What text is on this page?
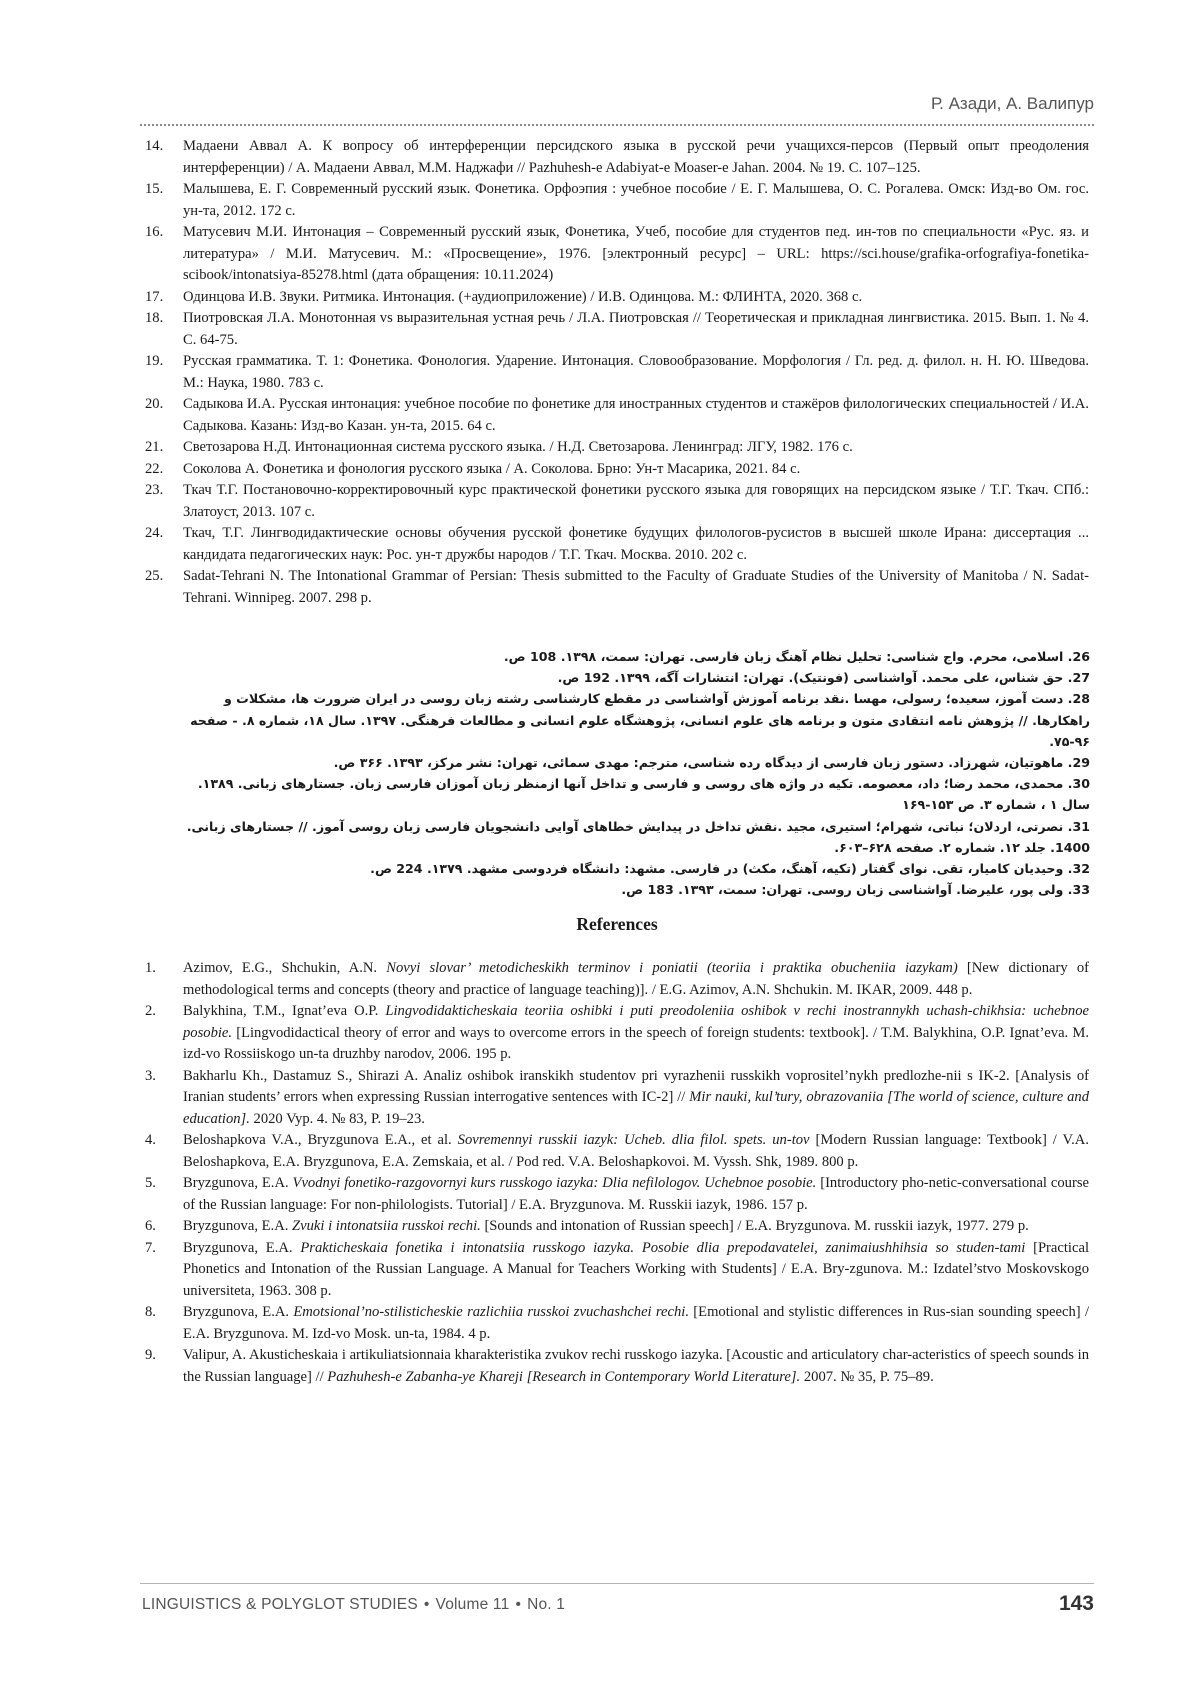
Р. Азади, А. Валипур
14.	Мадаени Аввал А. К вопросу об интерференции персидского языка в русской речи учащихся-персов (Первый опыт преодоления интерференции) / А. Мадаени Аввал, М.М. Наджафи // Pazhuhesh-e Adabiyat-e Moaser-e Jahan. 2004. № 19. С. 107–125.
15.	Малышева, Е. Г. Современный русский язык. Фонетика. Орфоэпия : учебное пособие / Е. Г. Малышева, О. С. Рогалева. Омск: Изд-во Ом. гос. ун-та, 2012. 172 с.
16.	Матусевич М.И. Интонация – Современный русский язык, Фонетика, Учеб, пособие для студентов пед. ин-тов по специальности «Рус. яз. и литература» / М.И. Матусевич. М.: «Просвещение», 1976. [электронный ресурс] – URL: https://sci.house/grafika-orfografiya-fonetika-scibook/intonatsiya-85278.html (дата обращения: 10.11.2024)
17.	Одинцова И.В. Звуки. Ритмика. Интонация. (+аудиоприложение) / И.В. Одинцова. М.: ФЛИНТА, 2020. 368 с.
18.	Пиотровская Л.А. Монотонная vs выразительная устная речь / Л.А. Пиотровская // Теоретическая и прикладная лингвистика. 2015. Вып. 1. № 4. С. 64-75.
19.	Русская грамматика. Т. 1: Фонетика. Фонология. Ударение. Интонация. Словообразование. Морфология / Гл. ред. д. филол. н. Н. Ю. Шведова. М.: Наука, 1980. 783 с.
20.	Садыкова И.А. Русская интонация: учебное пособие по фонетике для иностранных студентов и стажёров филологических специальностей / И.А. Садыкова. Казань: Изд-во Казан. ун-та, 2015. 64 с.
21.	Светозарова Н.Д. Интонационная система русского языка. / Н.Д. Светозарова. Ленинград: ЛГУ, 1982. 176 с.
22.	Соколова А. Фонетика и фонология русского языка / А. Соколова. Брно: Ун-т Масарика, 2021. 84 с.
23.	Ткач Т.Г. Постановочно-корректировочный курс практической фонетики русского языка для говорящих на персидском языке / Т.Г. Ткач. СПб.: Златоуст, 2013. 107 с.
24.	Ткач, Т.Г. Лингводидактические основы обучения русской фонетике будущих филологов-русистов в высшей школе Ирана: диссертация ... кандидата педагогических наук: Рос. ун-т дружбы народов / Т.Г. Ткач. Москва. 2010. 202 с.
25.	Sadat-Tehrani N. The Intonational Grammar of Persian: Thesis submitted to the Faculty of Graduate Studies of the University of Manitoba / N. Sadat-Tehrani. Winnipeg. 2007. 298 p.
26. اسلامی، محرم. واج شناسی: تحلیل نظام آهنگ زبان فارسی. تهران: سمت، ۱۳۹۸. 108 ص.
27. حق شناس، علی محمد. آواشناسی (فونتیک). تهران: انتشارات آگه، ۱۳۹۹. 192 ص.
28. دست آموز، سعیده؛ رسولی، مهسا .نقد برنامه آموزش آواشناسی در مقطع کارشناسی رشته زبان روسی در ایران ضرورت ها، مشکلات و راهکارها. // پژوهش نامه انتقادی متون و برنامه های علوم انسانی، پژوهشگاه علوم انسانی و مطالعات فرهنگی. ۱۳۹۷. سال ۱۸، شماره ۸. - صفحه ۹۶-۷۵.
29. ماهوتیان، شهرزاد. دستور زبان فارسی از دیدگاه رده شناسی، مترجم: مهدی سمائی، تهران: نشر مرکز، ۱۳۹۳. ۳۶۶ ص.
30. محمدی، محمد رضا؛ داد، معصومه. تکیه در واژه های روسی و فارسی و تداخل آنها ازمنظر زبان آموزان فارسی زبان. جستارهای زبانی. ۱۳۸۹. سال ۱ ، شماره ۳. ص ۱۵۳-۱۶۹
31. نصرتی، اردلان؛ نباتی، شهرام؛ استیری، مجید .نقش تداخل در پیدایش خطاهای آوایی دانشجویان فارسی زبان روسی آموز. // جستارهای زبانی. 1400. جلد ۱۲. شماره ۲. صفحه ۶۲۸–۶۰۳.
32. وحیدیان کامیار، تقی. نوای گفتار (تکیه، آهنگ، مکث) در فارسی. مشهد: دانشگاه فردوسی مشهد. ۱۳۷۹. 224 ص.
33. ولی پور، علیرضا. آواشناسی زبان روسی. تهران: سمت، ۱۳۹۳. 183 ص.
References
1.	Azimov, E.G., Shchukin, A.N. Novyi slovar’ metodicheskikh terminov i poniatii (teoriia i praktika obucheniia iazykam) [New dictionary of methodological terms and concepts (theory and practice of language teaching)]. / E.G. Azimov, A.N. Shchukin. M. IKAR, 2009. 448 p.
2.	Balykhina, T.M., Ignat’eva O.P. Lingvodidakticheskaia teoriia oshibki i puti preodoleniia oshibok v rechi inostrannykh uchash-chikhsia: uchebnoe posobie. [Lingvodidactical theory of error and ways to overcome errors in the speech of foreign students: textbook]. / T.M. Balykhina, O.P. Ignat’eva. M. izd-vo Rossiiskogo un-ta druzhby narodov, 2006. 195 p.
3.	Bakharlu Kh., Dastamuz S., Shirazi A. Analiz oshibok iranskikh studentov pri vyrazhenii russkikh voprositel’nykh predlozhe-nii s IK-2. [Analysis of Iranian students’ errors when expressing Russian interrogative sentences with IC-2] // Mir nauki, kul’tury, obrazovaniia [The world of science, culture and education]. 2020 Vyp. 4. № 83, P. 19–23.
4.	Beloshapkova V.A., Bryzgunova E.A., et al. Sovremennyi russkii iazyk: Ucheb. dlia filol. spets. un-tov [Modern Russian language: Textbook] / V.A. Beloshapkova, E.A. Bryzgunova, E.A. Zemskaia, et al. / Pod red. V.A. Beloshapkovoi. M. Vyssh. Shk, 1989. 800 p.
5.	Bryzgunova, E.A. Vvodnyi fonetiko-razgovornyi kurs russkogo iazyka: Dlia nefilologov. Uchebnoe posobie. [Introductory pho-netic-conversational course of the Russian language: For non-philologists. Tutorial] / E.A. Bryzgunova. M. Russkii iazyk, 1986. 157 p.
6.	Bryzgunova, E.A. Zvuki i intonatsiia russkoi rechi. [Sounds and intonation of Russian speech] / E.A. Bryzgunova. M. russkii iazyk, 1977. 279 p.
7.	Bryzgunova, E.A. Prakticheskaia fonetika i intonatsiia russkogo iazyka. Posobie dlia prepodavatelei, zanimaiushhihsia so studen-tami [Practical Phonetics and Intonation of the Russian Language. A Manual for Teachers Working with Students] / E.A. Bry-zgunova. M.: Izdatel’stvo Moskovskogo universiteta, 1963. 308 p.
8.	Bryzgunova, E.A. Emotsional’no-stilisticheskie razlichiia russkoi zvuchashchei rechi. [Emotional and stylistic differences in Rus-sian sounding speech] / E.A. Bryzgunova. M. Izd-vo Mosk. un-ta, 1984. 4 p.
9.	Valipur, A. Akusticheskaia i artikuliatsionnaia kharakteristika zvukov rechi russkogo iazyka. [Acoustic and articulatory char-acteristics of speech sounds in the Russian language] // Pazhuhesh-e Zabanha-ye Khareji [Research in Contemporary World Literature]. 2007. № 35, P. 75–89.
LINGUISTICS & POLYGLOT STUDIES • Volume 11 • No. 1	143
